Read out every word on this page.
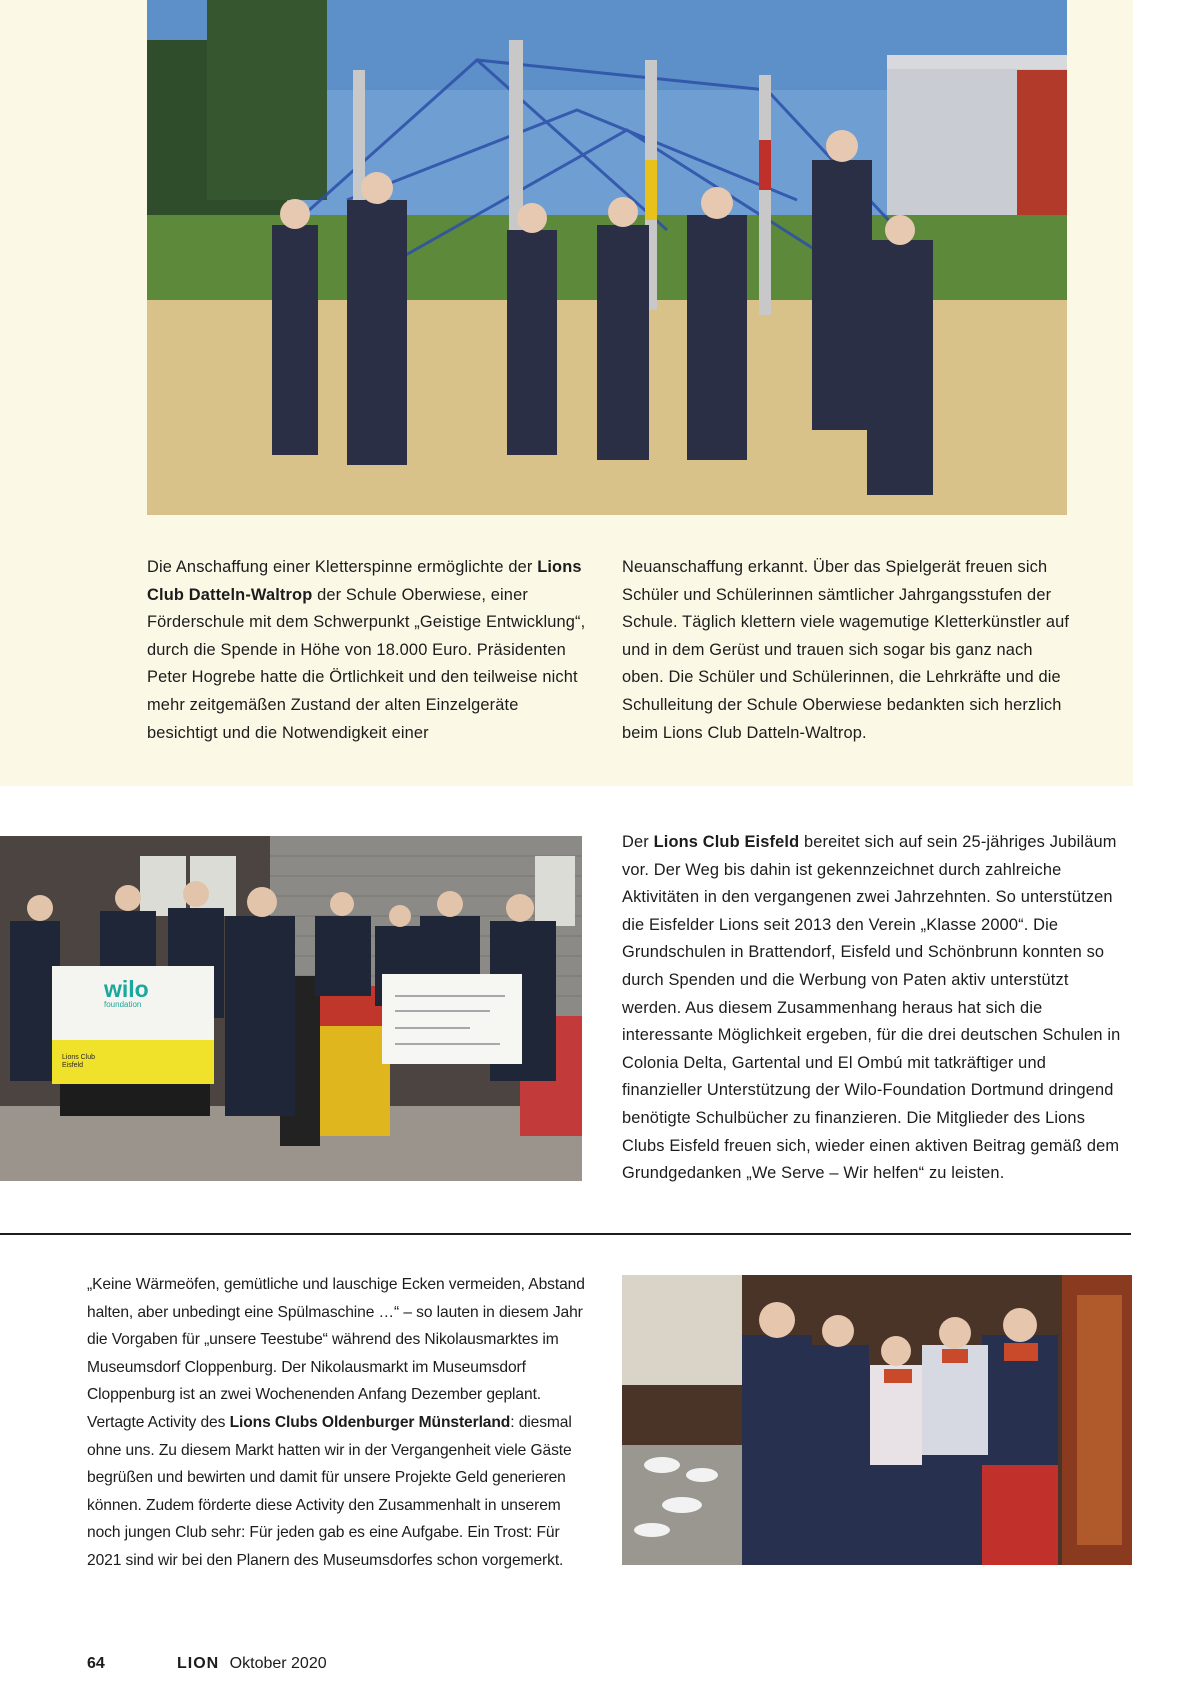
Die Anschaffung einer Kletterspinne ermöglichte der Lions Club Datteln-Waltrop der Schule Oberwiese, einer Förderschule mit dem Schwerpunkt „Geistige Entwicklung“, durch die Spende in Höhe von 18.000 Euro. Präsidenten Peter Hogrebe hatte die Örtlichkeit und den teilweise nicht mehr zeitgemäßen Zustand der alten Einzelgeräte besichtigt und die Notwendigkeit einer

Neuanschaffung erkannt. Über das Spielgerät freuen sich Schüler und Schülerinnen sämtlicher Jahrgangsstufen der Schule. Täglich klettern viele wagemutige Kletterkünstler auf und in dem Gerüst und trauen sich sogar bis ganz nach oben. Die Schüler und Schülerinnen, die Lehrkräfte und die Schulleitung der Schule Oberwiese bedankten sich herzlich beim Lions Club Datteln-Waltrop.

wilo
foundation
Lions Club Eisfeld

Der Lions Club Eisfeld bereitet sich auf sein 25-jähriges Jubiläum vor. Der Weg bis dahin ist gekennzeichnet durch zahlreiche Aktivitäten in den vergangenen zwei Jahrzehnten. So unterstützen die Eisfelder Lions seit 2013 den Verein „Klasse 2000“. Die Grundschulen in Brattendorf, Eisfeld und Schönbrunn konnten so durch Spenden und die Werbung von Paten aktiv unterstützt werden. Aus diesem Zusammenhang heraus hat sich die interessante Möglichkeit ergeben, für die drei deutschen Schulen in Colonia Delta, Gartental und El Ombú mit tatkräftiger und finanzieller Unterstützung der Wilo-Foundation Dortmund dringend benötigte Schulbücher zu finanzieren. Die Mitglieder des Lions Clubs Eisfeld freuen sich, wieder einen aktiven Beitrag gemäß dem Grundgedanken „We Serve – Wir helfen“ zu leisten.

„Keine Wärmeöfen, gemütliche und lauschige Ecken vermeiden, Abstand halten, aber unbedingt eine Spülmaschine …“ – so lauten in diesem Jahr die Vorgaben für „unsere Teestube“ während des Nikolausmarktes im Museumsdorf Cloppenburg. Der Nikolausmarkt im Museumsdorf Cloppenburg ist an zwei Wochenenden Anfang Dezember geplant. Vertagte Activity des Lions Clubs Oldenburger Münsterland: diesmal ohne uns. Zu diesem Markt hatten wir in der Vergangenheit viele Gäste begrüßen und bewirten und damit für unsere Projekte Geld generieren können. Zudem förderte diese Activity den Zusammenhalt in unserem noch jungen Club sehr: Für jeden gab es eine Aufgabe. Ein Trost: Für 2021 sind wir bei den Planern des Museumsdorfes schon vorgemerkt.

64	LION Oktober 2020
